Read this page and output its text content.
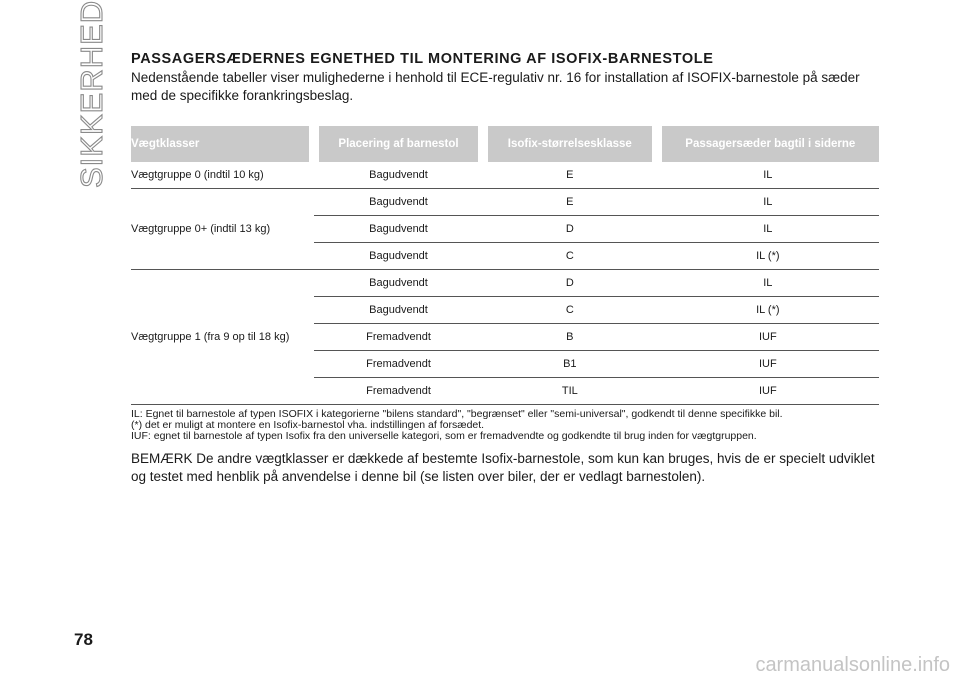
SIKKERHED	PASSAGERSÆDERNES EGNETHED TIL MONTERING AF ISOFIX-BARNESTOLE

Nedenstående tabeller viser mulighederne i henhold til ECE-regulativ nr. 16 for installation af ISOFIX-barnestole på sæder med de specifikke forankringsbeslag.

Vægtklasser	Placering af barnestol	Isofix-størrelsesklasse	Passagersæder bagtil i siderne
Vægtgruppe 0 (indtil 10 kg)	Bagudvendt	E	IL
Vægtgruppe 0+ (indtil 13 kg)	Bagudvendt	E	IL
	Bagudvendt	D	IL
	Bagudvendt	C	IL (*)
Vægtgruppe 1 (fra 9 op til 18 kg)	Bagudvendt	D	IL
	Bagudvendt	C	IL (*)
	Fremadvendt	B	IUF
	Fremadvendt	B1	IUF
	Fremadvendt	TIL	IUF

IL: Egnet til barnestole af typen ISOFIX i kategorierne "bilens standard", "begrænset" eller "semi-universal", godkendt til denne specifikke bil.

(*) det er muligt at montere en Isofix-barnestol vha. indstillingen af forsædet.

IUF: egnet til barnestole af typen Isofix fra den universelle kategori, som er fremadvendte og godkendte til brug inden for vægtgruppen.

BEMÆRK De andre vægtklasser er dækkede af bestemte Isofix-barnestole, som kun kan bruges, hvis de er specielt udviklet og testet med henblik på anvendelse i denne bil (se listen over biler, der er vedlagt barnestolen).

78
carmanualsonline.info
